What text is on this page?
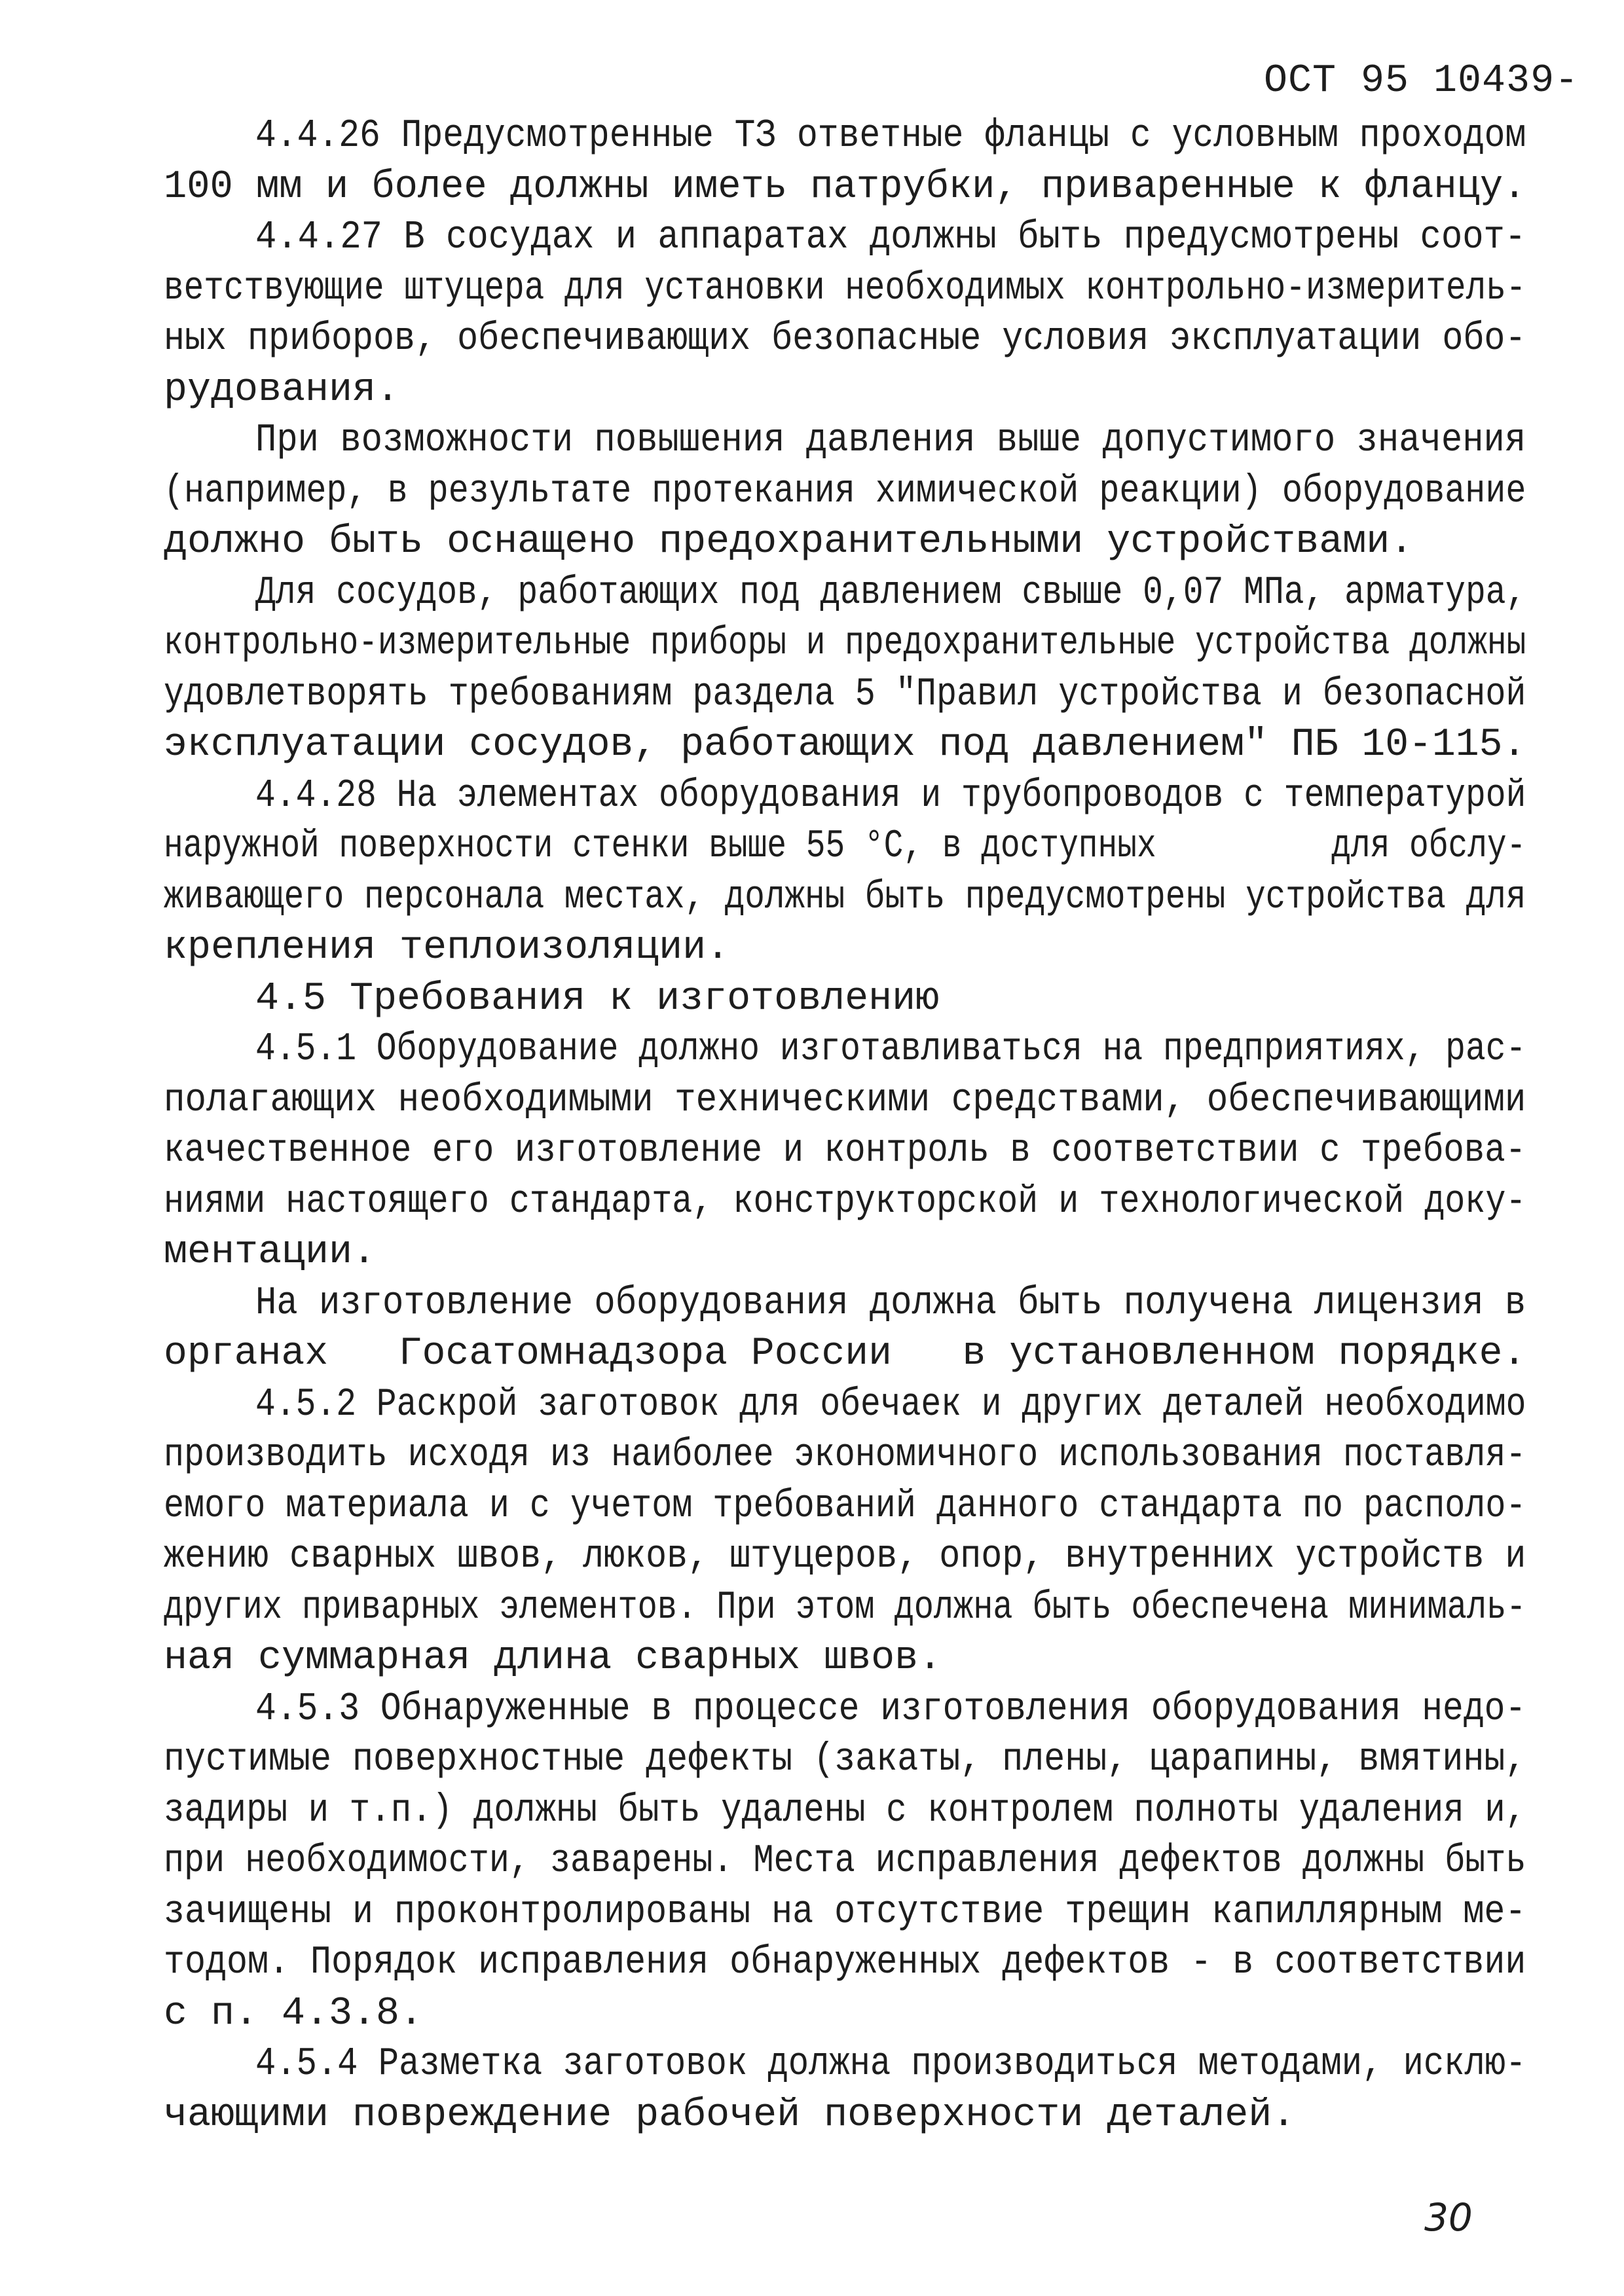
ОСТ 95 10439-
4.4.26 Предусмотренные ТЗ ответные фланцы с условным проходом
100 мм и более должны иметь патрубки, приваренные к фланцу.
4.4.27 В сосудах и аппаратах должны быть предусмотрены соот-
ветствующие штуцера для установки необходимых контрольно-измеритель-
ных приборов, обеспечивающих безопасные условия эксплуатации обо-
рудования.
При возможности повышения давления выше допустимого значения
(например, в результате протекания химической реакции) оборудование
должно быть оснащено предохранительными устройствами.
Для сосудов, работающих под давлением свыше 0,07 МПа, арматура,
контрольно-измерительные приборы и предохранительные устройства должны
удовлетворять требованиям раздела 5 "Правил устройства и безопасной
эксплуатации сосудов, работающих под давлением" ПБ 10-115.
4.4.28 На элементах оборудования и трубопроводов с температурой
наружной поверхности стенки выше 55 °С, в доступных         для обслу-
живающего персонала местах, должны быть предусмотрены устройства для
крепления теплоизоляции.
4.5 Требования к изготовлению
4.5.1 Оборудование должно изготавливаться на предприятиях, рас-
полагающих необходимыми техническими средствами, обеспечивающими
качественное его изготовление и контроль в соответствии с требова-
ниями настоящего стандарта, конструкторской и технологической доку-
ментации.
На изготовление оборудования должна быть получена лицензия в
органах   Госатомнадзора России   в установленном порядке.
4.5.2 Раскрой заготовок для обечаек и других деталей необходимо
производить исходя из наиболее экономичного использования поставля-
емого материала и с учетом требований данного стандарта по располо-
жению сварных швов, люков, штуцеров, опор, внутренних устройств и
других приварных элементов. При этом должна быть обеспечена минималь-
ная суммарная длина сварных швов.
4.5.3 Обнаруженные в процессе изготовления оборудования недо-
пустимые поверхностные дефекты (закаты, плены, царапины, вмятины,
задиры и т.п.) должны быть удалены с контролем полноты удаления и,
при необходимости, заварены. Места исправления дефектов должны быть
зачищены и проконтролированы на отсутствие трещин капиллярным ме-
тодом. Порядок исправления обнаруженных дефектов - в соответствии
с п. 4.3.8.
4.5.4 Разметка заготовок должна производиться методами, исклю-
чающими повреждение рабочей поверхности деталей.
30
